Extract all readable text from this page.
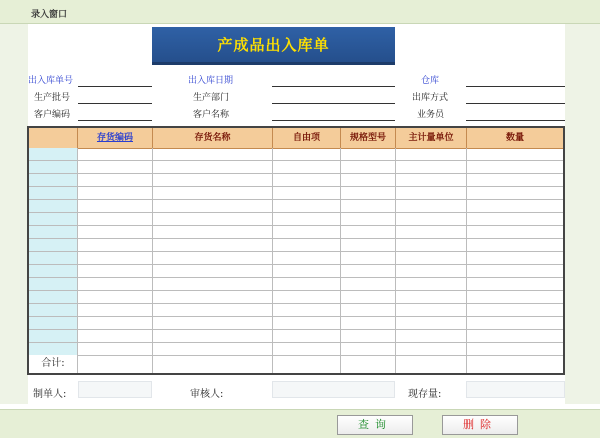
录入窗口
产成品出入库单
出入库单号	出入库日期	仓库
生产批号	生产部门	出库方式
客户编码	客户名称	业务员
存货编码	存货名称	自由项	规格型号	主计量单位	数量
合计:
制单人:	审核人:	现存量:
查询	删除
